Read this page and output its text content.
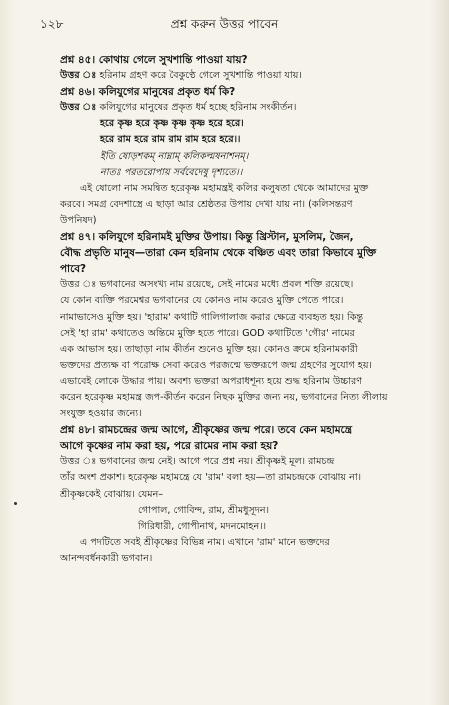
১২৮	প্রশ্ন করুন উত্তর পাবেন

প্রশ্ন ৪৫। কোথায় গেলে সুখশান্তি পাওয়া যায়?

উত্তর ঃ হরিনাম গ্রহণ করে বৈকুণ্ঠে গেলে সুখশান্তি পাওয়া যায়।

প্রশ্ন ৪৬। কলিযুগের মানুষের প্রকৃত ধর্ম কি?

উত্তর ঃ কলিযুগের মানুষের প্রকৃত ধর্ম হচ্ছে হরিনাম সংকীর্তন।

হরে কৃষ্ণ হরে কৃষ্ণ কৃষ্ণ কৃষ্ণ হরে হরে।

হরে রাম হরে রাম রাম রাম হরে হরে।।

ইতি ষোড়শকম্ নাম্নাম্ কলিকল্মষনাশনম্।

নাতঃ পরতরোপায় সর্ববেদেষু দৃশ্যতে।।

এই ষোলো নাম সমন্বিত হরেকৃষ্ণ মহামন্ত্রই কলির কলুষতা থেকে আমাদের মুক্ত

করবে। সমগ্র বেদশাস্ত্রে এ ছাড়া আর শ্রেষ্ঠতর উপায় দেখা যায় না। (কলিসন্তরণ

উপনিষদ)

প্রশ্ন ৪৭। কলিযুগে হরিনামই মুক্তির উপায়। কিন্তু খ্রিস্টান, মুসলিম, জৈন,

বৌদ্ধ প্রভৃতি মানুষ—তারা কেন হরিনাম থেকে বঞ্চিত এবং তারা কিভাবে মুক্তি

পাবে?

উত্তর ঃ ভগবানের অসংখ্য নাম রয়েছে, সেই নামের মধ্যে প্রবল শক্তি রয়েছে।

যে কোন ব্যক্তি পরমেশ্বর ভগবানের যে কোনও নাম করেও মুক্তি পেতে পারে।

নামাভাসেও মুক্তি হয়। 'হারাম' কথাটি গালিগালাজ করার ক্ষেত্রে ব্যবহৃত হয়। কিন্তু

সেই 'হা রাম' কথাতেও অন্তিমে মুক্তি হতে পারে। GOD কথাটিতে 'গৌর' নামের

এক আভাস হয়। তাছাড়া নাম কীর্তন শুনেও মুক্তি হয়। কোনও ক্রমে হরিনামকারী

ভক্তদের প্রত্যক্ষ বা পরোক্ষ সেবা করেও পরজন্মে ভক্তরূপে জন্ম গ্রহণের সুযোগ হয়।

এভাবেই লোকে উদ্ধার পায়। অবশ্য ভক্তরা অপরাধশূন্য হয়ে শুদ্ধ হরিনাম উচ্চারণ

করেন হরেকৃষ্ণ মহামন্ত্র জপ-কীর্তন করেন নিছক মুক্তির জন্য নয়, ভগবানের নিত্য লীলায়

সংযুক্ত হওয়ার জন্যে।

প্রশ্ন ৪৮। রামচন্দ্রের জন্ম আগে, শ্রীকৃষ্ণের জন্ম পরে। তবে কেন মহামন্ত্রে

আগে কৃষ্ণের নাম করা হয়, পরে রামের নাম করা হয়?

উত্তর ঃ ভগবানের জন্ম নেই। আগে পরে প্রশ্ন নয়। শ্রীকৃষ্ণই মূল। রামচন্দ্র

তাঁর অংশ প্রকাশ। হরেকৃষ্ণ মহামন্ত্রে যে 'রাম' বলা হয়—তা রামচন্দ্রকে বোঝায় না।

শ্রীকৃষ্ণকেই বোঝায়। যেমন–

গোপাল, গোবিন্দ, রাম, শ্রীমধুসূদন।

গিরিধারী, গোপীনাথ, মদনমোহন।।

এ পদটিতে সবই শ্রীকৃষ্ণের বিভিন্ন নাম। এখানে 'রাম' মানে ভক্তদের

আনন্দবর্ধনকারী ভগবান।
